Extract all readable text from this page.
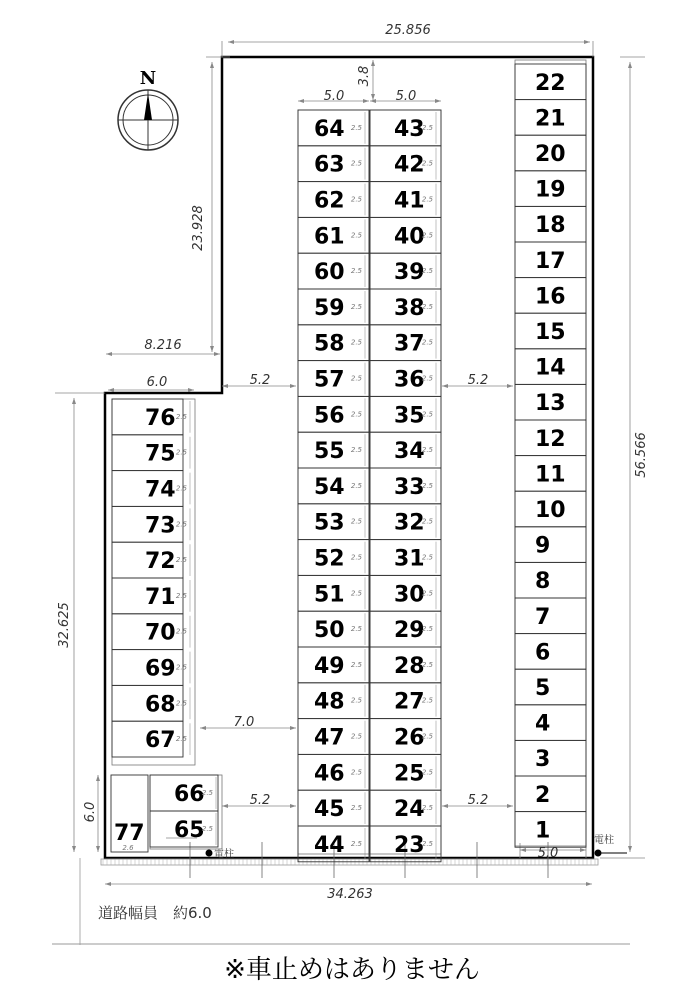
N
25.856
3.8
5.0	5.0
23.928
56.566
8.216
6.0	5.2	5.2
7.0
5.2	5.2
32.625
6.0
34.263
5.0
2.6
電柱
電柱
道路幅員　約6.0
※車止めはありません
22
21
20
19
18
17
16
15
14
13
12
11
10
9
8
7
6
5
4
3
2
1
64 2.5
63 2.5
62 2.5
61 2.5
60 2.5
59 2.5
58 2.5
57 2.5
56 2.5
55 2.5
54 2.5
53 2.5
52 2.5
51 2.5
50 2.5
49 2.5
48 2.5
47 2.5
46 2.5
45 2.5
44 2.5
43
2.5
42
2.5
41
2.5
40
2.5
39
2.5
38
2.5
37
2.5
36
2.5
35
2.5
34
2.5
33
2.5
32
2.5
31
2.5
30
2.5
29
2.5
28
2.5
27
2.5
26
2.5
25
2.5
24
2.5
23
2.5
76 2.5
75 2.5
74 2.5
73 2.5
72 2.5
71 2.5
70 2.5
69 2.5
68 2.5
67 2.5
66
2.5
65
2.5
77
